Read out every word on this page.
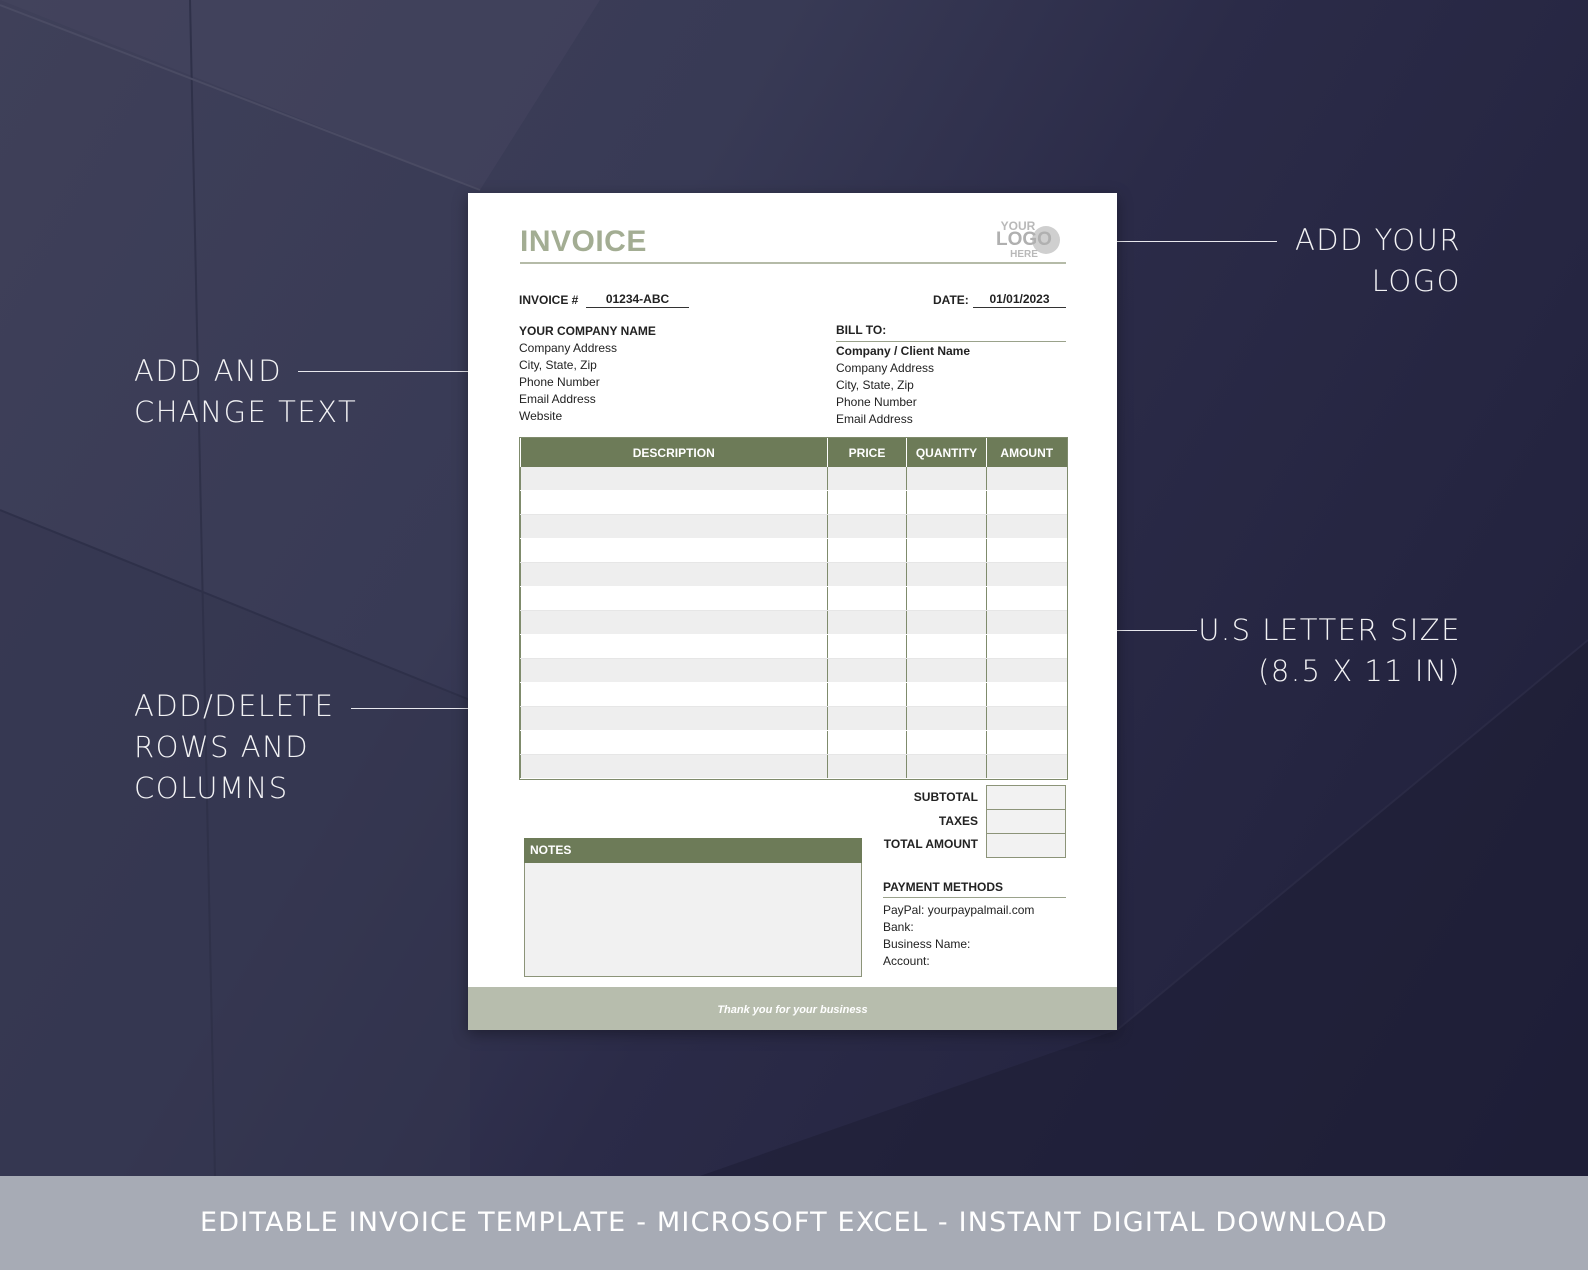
ADD YOUR
LOGO
ADD AND
CHANGE TEXT
U.S LETTER SIZE
(8.5 X 11 IN)
ADD/DELETE
ROWS AND
COLUMNS
INVOICE	YOUR
LOGO
HERE
INVOICE #	01234-ABC	DATE:	01/01/2023
YOUR COMPANY NAME
Company Address
City, State, Zip
Phone Number
Email Address
Website
BILL TO:
Company / Client Name
Company Address
City, State, Zip
Phone Number
Email Address
DESCRIPTION	PRICE	QUANTITY	AMOUNT

SUBTOTAL
TAXES
TOTAL AMOUNT
NOTES
PAYMENT METHODS
PayPal: yourpaypalmail.com
Bank:
Business Name:
Account:
Thank you for your business
EDITABLE INVOICE TEMPLATE - MICROSOFT EXCEL - INSTANT DIGITAL DOWNLOAD
